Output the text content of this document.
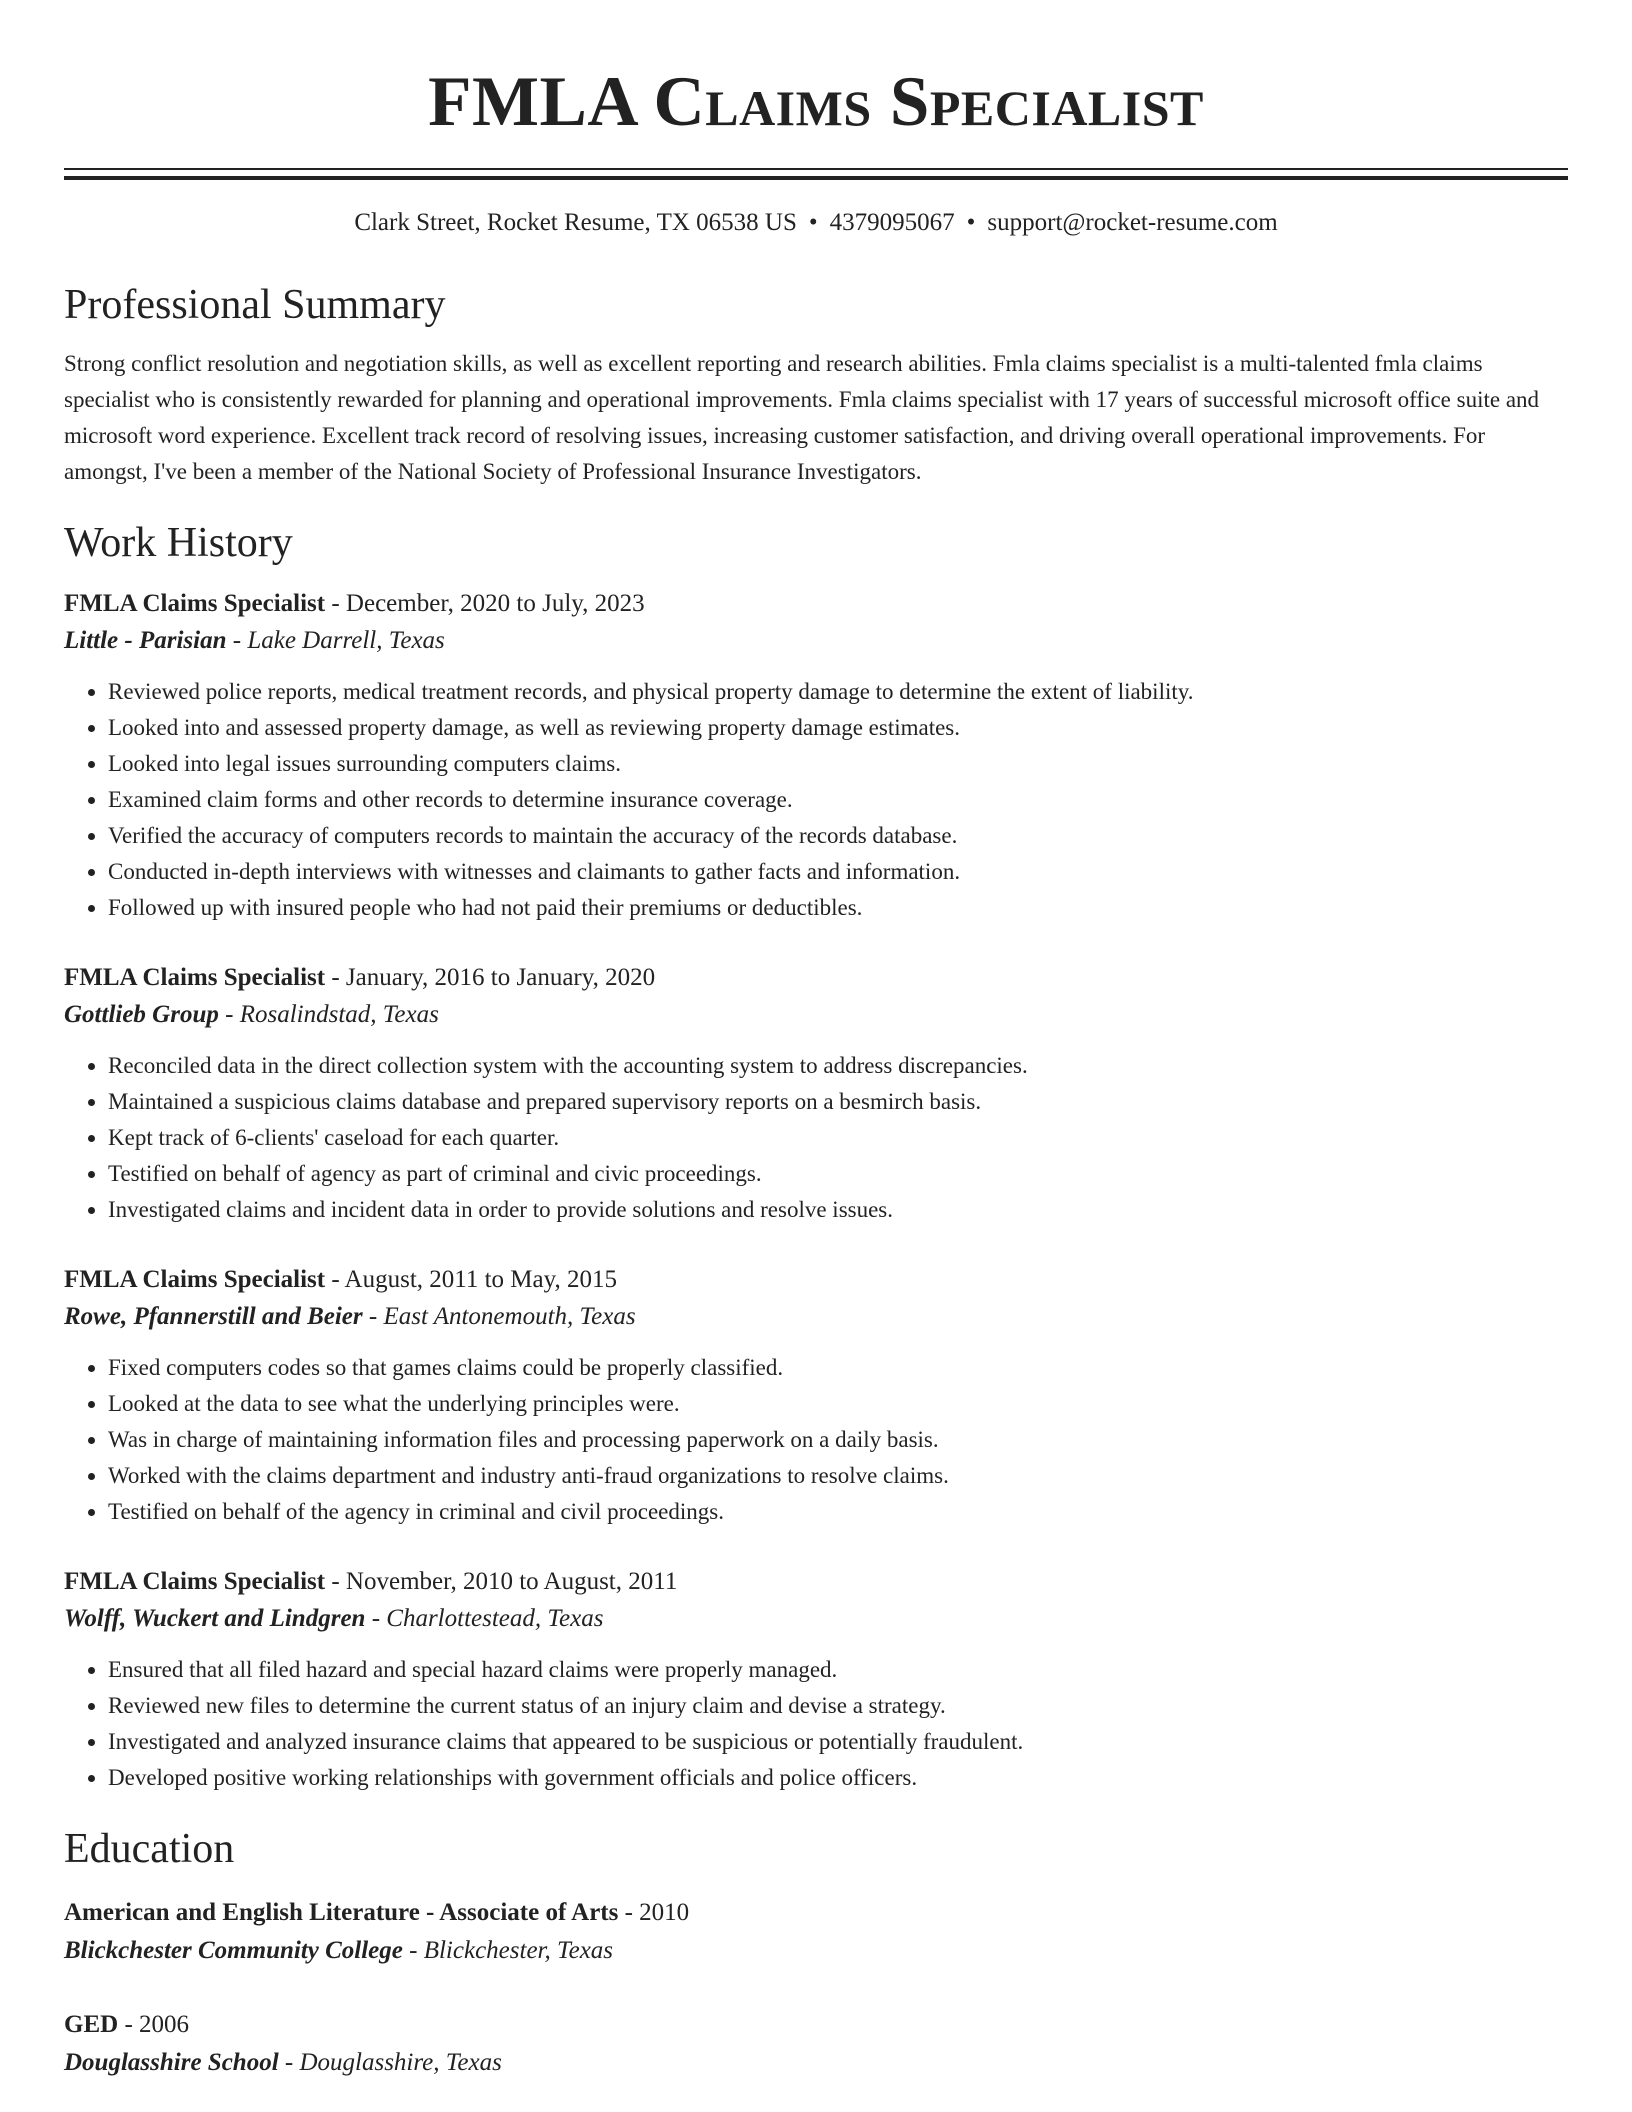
FMLA Claims Specialist
Clark Street, Rocket Resume, TX 06538 US • 4379095067 • support@rocket-resume.com
Professional Summary

Strong conflict resolution and negotiation skills, as well as excellent reporting and research abilities. Fmla claims specialist is a multi-talented fmla claims specialist who is consistently rewarded for planning and operational improvements. Fmla claims specialist with 17 years of successful microsoft office suite and microsoft word experience. Excellent track record of resolving issues, increasing customer satisfaction, and driving overall operational improvements. For amongst, I've been a member of the National Society of Professional Insurance Investigators.

Work History
FMLA Claims Specialist - December, 2020 to July, 2023
Little - Parisian - Lake Darrell, Texas
• Reviewed police reports, medical treatment records, and physical property damage to determine the extent of liability.
• Looked into and assessed property damage, as well as reviewing property damage estimates.
• Looked into legal issues surrounding computers claims.
• Examined claim forms and other records to determine insurance coverage.
• Verified the accuracy of computers records to maintain the accuracy of the records database.
• Conducted in-depth interviews with witnesses and claimants to gather facts and information.
• Followed up with insured people who had not paid their premiums or deductibles.
FMLA Claims Specialist - January, 2016 to January, 2020
Gottlieb Group - Rosalindstad, Texas
• Reconciled data in the direct collection system with the accounting system to address discrepancies.
• Maintained a suspicious claims database and prepared supervisory reports on a besmirch basis.
• Kept track of 6-clients' caseload for each quarter.
• Testified on behalf of agency as part of criminal and civic proceedings.
• Investigated claims and incident data in order to provide solutions and resolve issues.
FMLA Claims Specialist - August, 2011 to May, 2015
Rowe, Pfannerstill and Beier - East Antonemouth, Texas
• Fixed computers codes so that games claims could be properly classified.
• Looked at the data to see what the underlying principles were.
• Was in charge of maintaining information files and processing paperwork on a daily basis.
• Worked with the claims department and industry anti-fraud organizations to resolve claims.
• Testified on behalf of the agency in criminal and civil proceedings.
FMLA Claims Specialist - November, 2010 to August, 2011
Wolff, Wuckert and Lindgren - Charlottestead, Texas
• Ensured that all filed hazard and special hazard claims were properly managed.
• Reviewed new files to determine the current status of an injury claim and devise a strategy.
• Investigated and analyzed insurance claims that appeared to be suspicious or potentially fraudulent.
• Developed positive working relationships with government officials and police officers.
Education
American and English Literature - Associate of Arts - 2010
Blickchester Community College - Blickchester, Texas
GED - 2006
Douglasshire School - Douglasshire, Texas
